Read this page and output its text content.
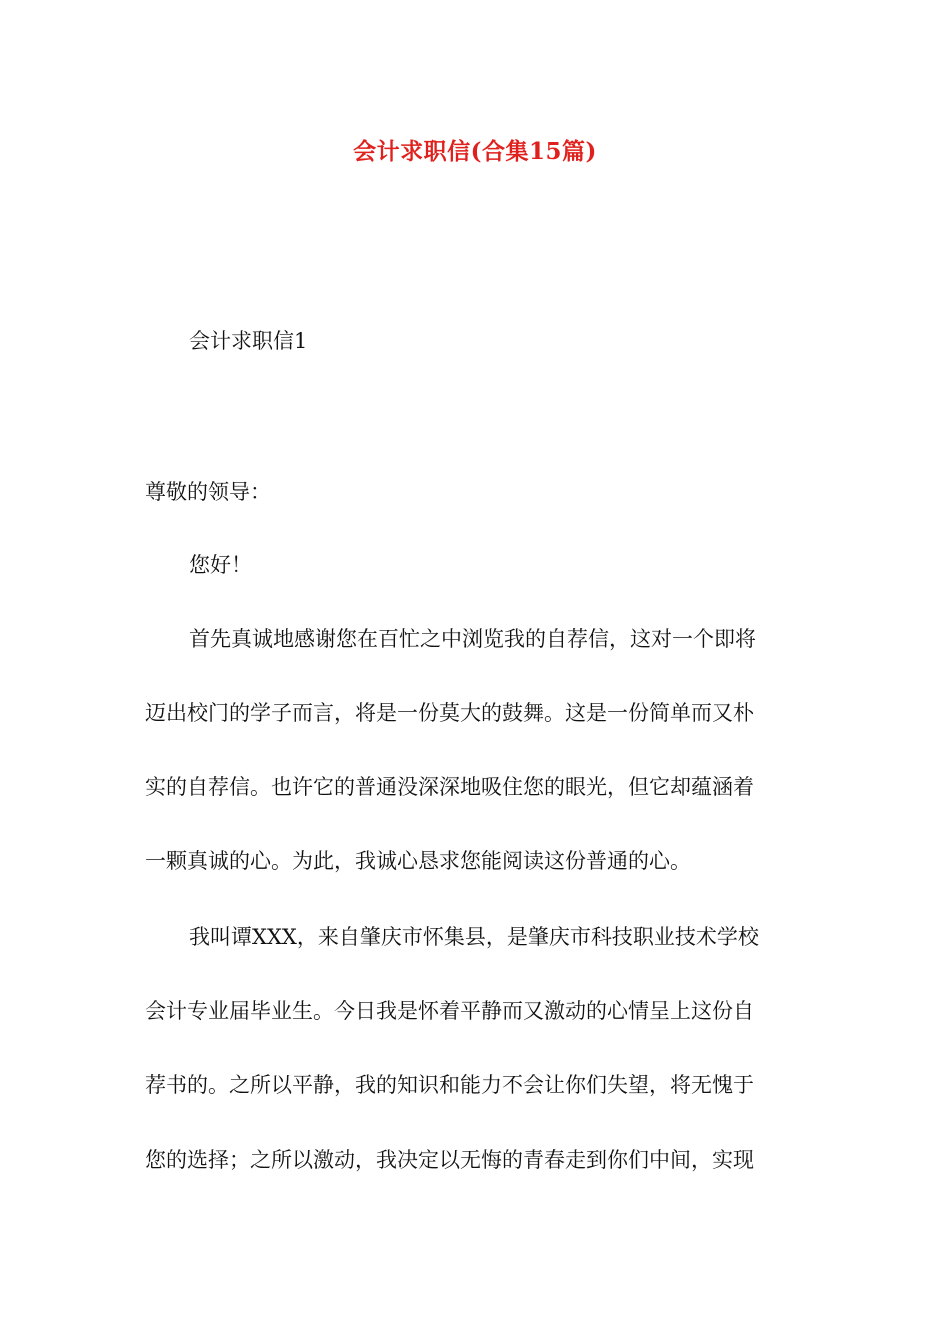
会计求职信(合集15篇)
会计求职信1
尊敬的领导：
您好！
首先真诚地感谢您在百忙之中浏览我的自荐信，这对一个即将
迈出校门的学子而言，将是一份莫大的鼓舞。这是一份简单而又朴
实的自荐信。也许它的普通没深深地吸住您的眼光，但它却蕴涵着
一颗真诚的心。为此，我诚心恳求您能阅读这份普通的心。
我叫谭XXX，来自肇庆市怀集县，是肇庆市科技职业技术学校
会计专业届毕业生。今日我是怀着平静而又激动的心情呈上这份自
荐书的。之所以平静，我的知识和能力不会让你们失望，将无愧于
您的选择；之所以激动，我决定以无悔的青春走到你们中间，实现
